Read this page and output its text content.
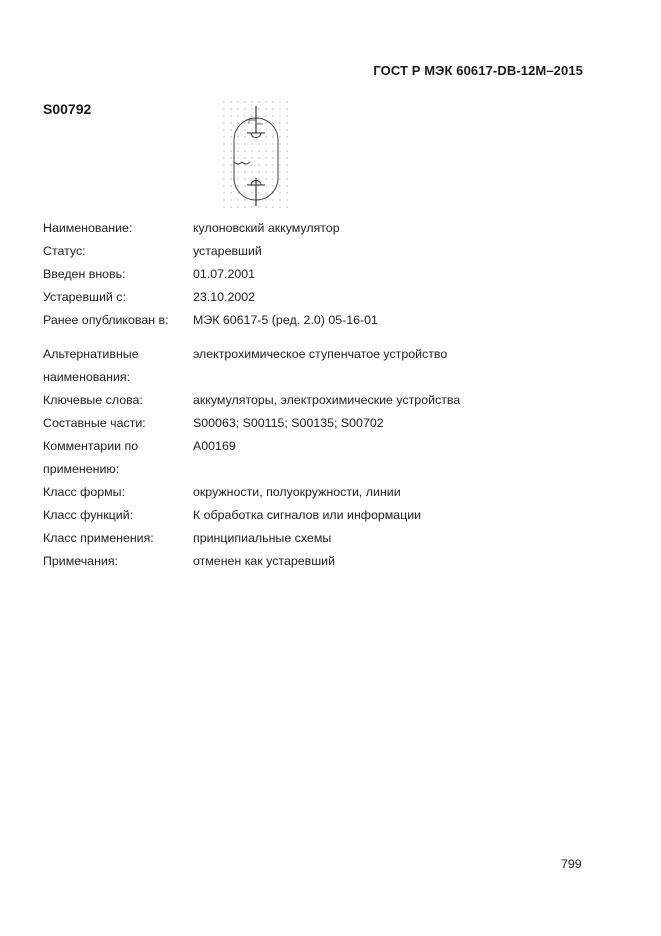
ГОСТ Р МЭК 60617-DB-12M–2015
S00792
Наименование:	кулоновский аккумулятор
Статус:	устаревший
Введен вновь:	01.07.2001
Устаревший с:	23.10.2002
Ранее опубликован в:	МЭК 60617-5 (ред. 2.0) 05-16-01
Альтернативные наименования:
электрохимическое ступенчатое устройство
Ключевые слова:	аккумуляторы, электрохимические устройства
Составные части:	S00063; S00115; S00135; S00702
Комментарии по применению:
A00169
Класс формы:	окружности, полуокружности, линии
Класс функций:	К обработка сигналов или информации
Класс применения:	принципиальные схемы
Примечания:	отменен как устаревший
799
